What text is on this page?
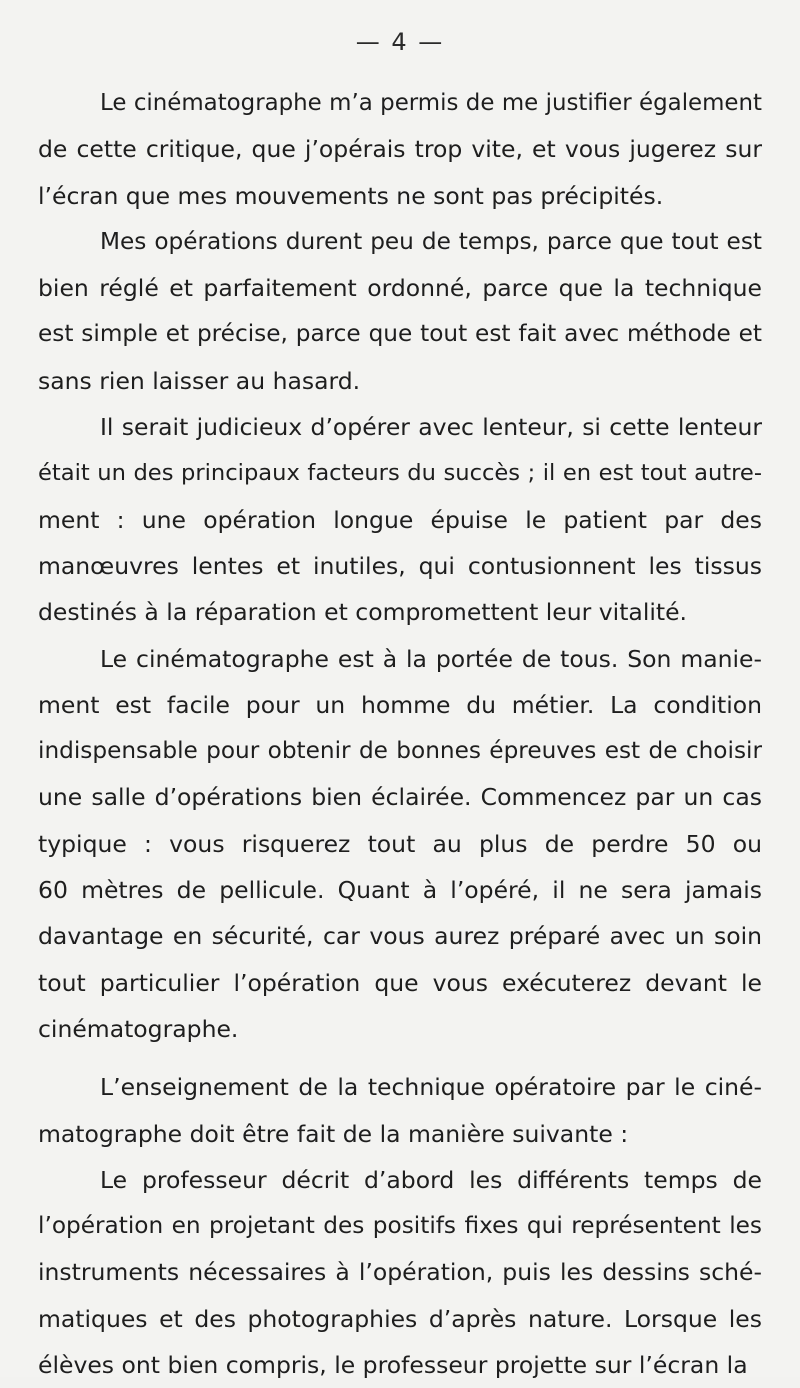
— 4 —
Le cinématographe m’a permis de me justifier également
de cette critique, que j’opérais trop vite, et vous jugerez sur
l’écran que mes mouvements ne sont pas précipités.
Mes opérations durent peu de temps, parce que tout est
bien réglé et parfaitement ordonné, parce que la technique
est simple et précise, parce que tout est fait avec méthode et
sans rien laisser au hasard.
Il serait judicieux d’opérer avec lenteur, si cette lenteur
était un des principaux facteurs du succès ; il en est tout autre-
ment : une opération longue épuise le patient par des
manœuvres lentes et inutiles, qui contusionnent les tissus
destinés à la réparation et compromettent leur vitalité.
Le cinématographe est à la portée de tous. Son manie-
ment est facile pour un homme du métier. La condition
indispensable pour obtenir de bonnes épreuves est de choisir
une salle d’opérations bien éclairée. Commencez par un cas
typique : vous risquerez tout au plus de perdre 50 ou
60 mètres de pellicule. Quant à l’opéré, il ne sera jamais
davantage en sécurité, car vous aurez préparé avec un soin
tout particulier l’opération que vous exécuterez devant le
cinématographe.
L’enseignement de la technique opératoire par le ciné-
matographe doit être fait de la manière suivante :
Le professeur décrit d’abord les différents temps de
l’opération en projetant des positifs fixes qui représentent les
instruments nécessaires à l’opération, puis les dessins sché-
matiques et des photographies d’après nature. Lorsque les
élèves ont bien compris, le professeur projette sur l’écran la
